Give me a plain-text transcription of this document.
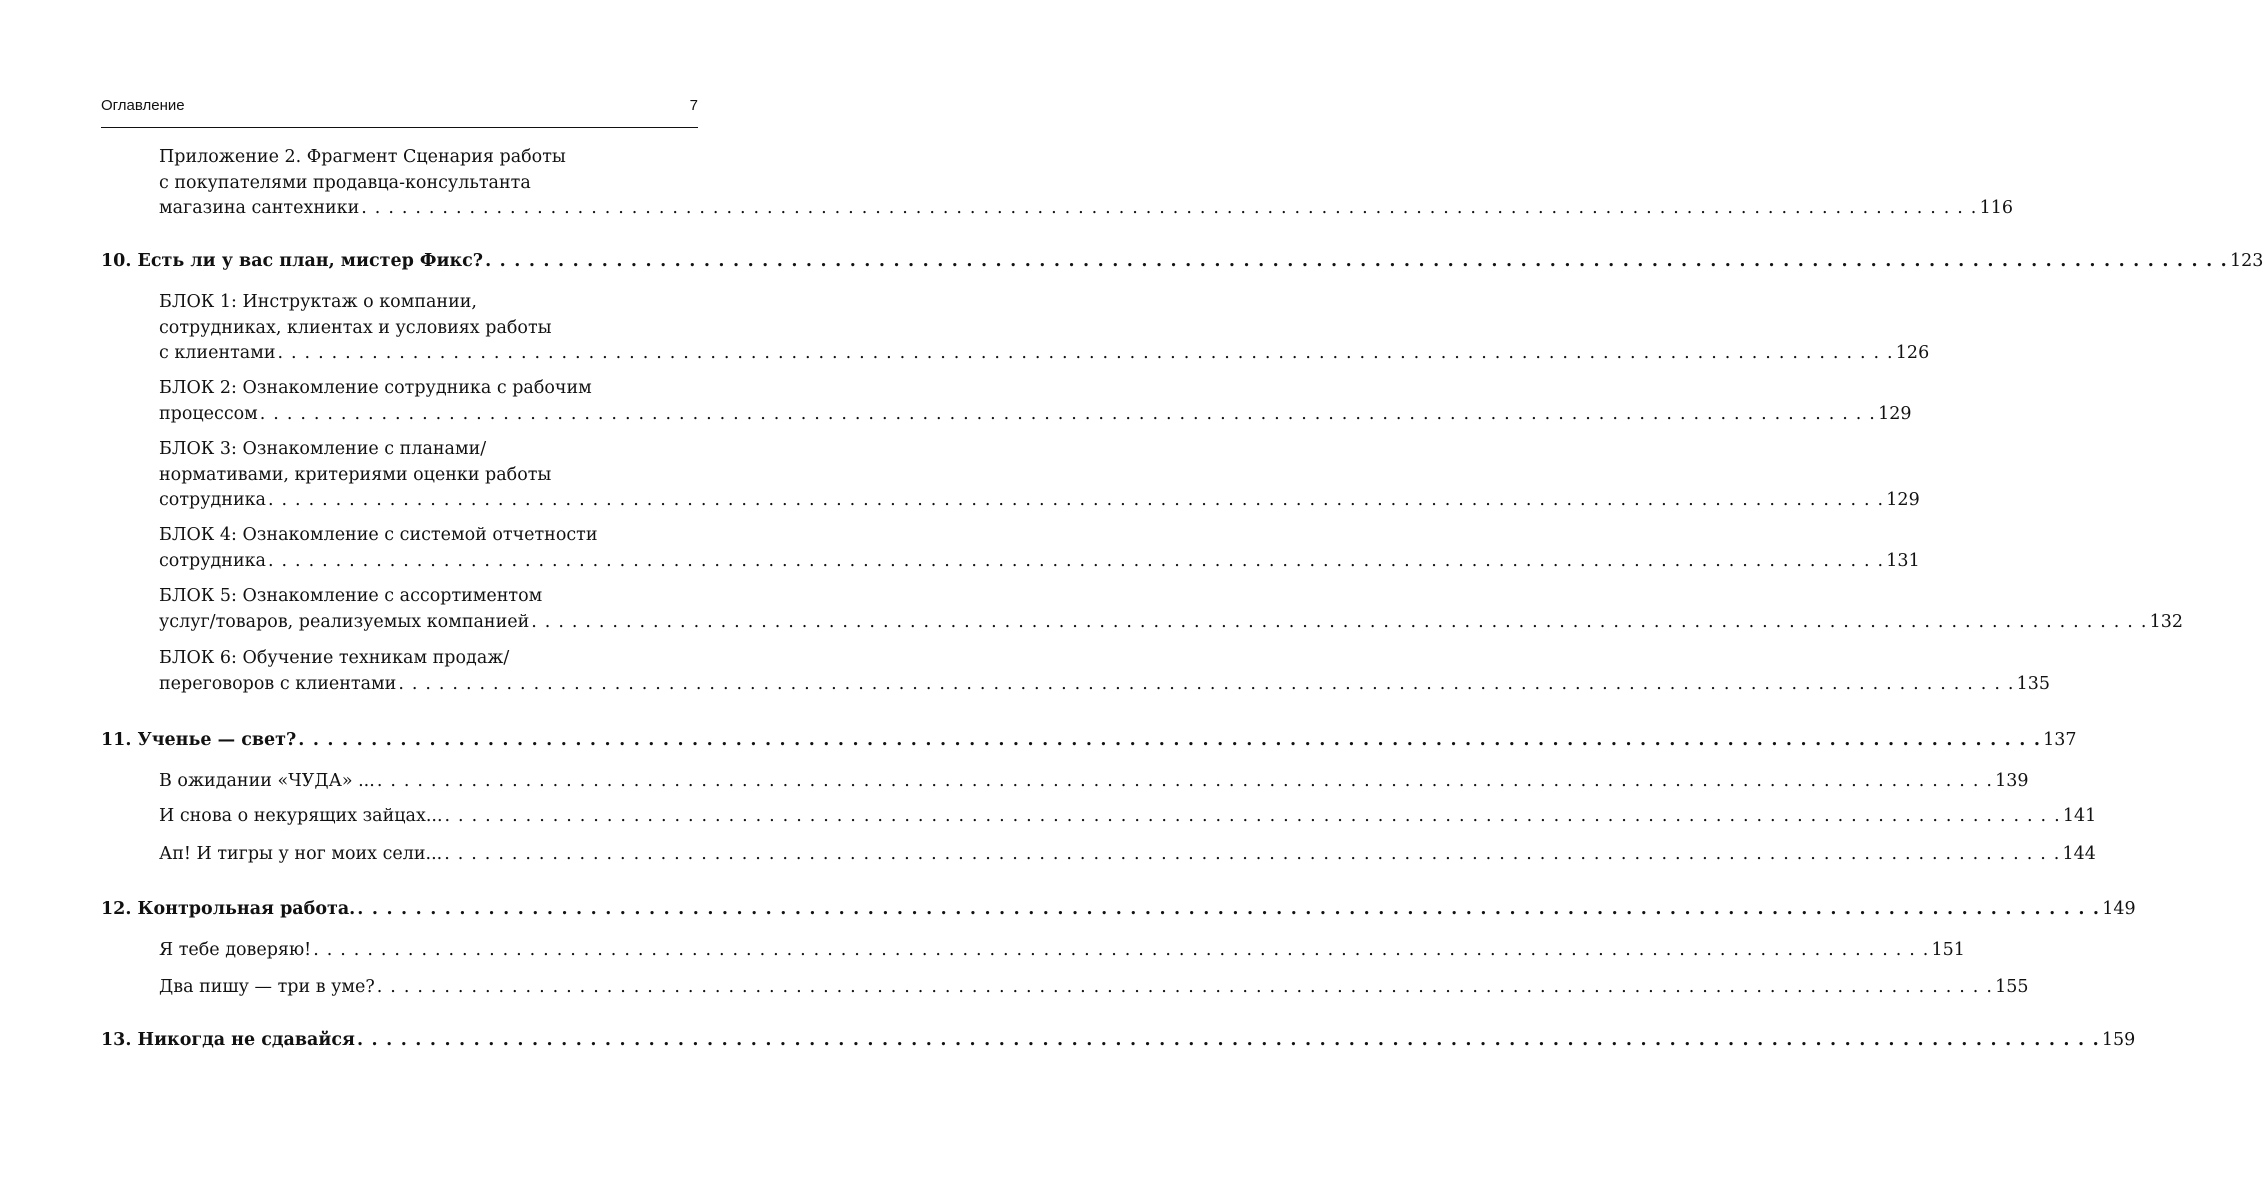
Оглавление	7
Приложение 2. Фрагмент Сценария работы
с покупателями продавца-консультанта
магазина сантехники . . . . . . . . . . . . . . . . . . . . . . . . . . . . . . . . . . . . . . . . . . . . . . . . . . . . . . . . . . . . . . . . . . . . . . . . . . . . . . . . . . . . . . . . . . . . . . . . . . . . . . . . . . . . . . . . . . . . . . . . 116
10. Есть ли у вас план, мистер Фикс? . . . . . . . . . . . . . . . . . . . . . . . . . . . . . . . . . . . . . . . . . . . . . . . . . . . . . . . . . . . . . . . . . . . . . . . . . . . . . . . . . . . . . . . . . . . . . . . . . . . . . . . . . . . . . . . . . . . . . . . . 123
БЛОК 1: Инструктаж о компании,
сотрудниках, клиентах и условиях работы
с клиентами . . . . . . . . . . . . . . . . . . . . . . . . . . . . . . . . . . . . . . . . . . . . . . . . . . . . . . . . . . . . . . . . . . . . . . . . . . . . . . . . . . . . . . . . . . . . . . . . . . . . . . . . . . . . . . . . . . . . . . . . 126
БЛОК 2: Ознакомление сотрудника с рабочим
процессом . . . . . . . . . . . . . . . . . . . . . . . . . . . . . . . . . . . . . . . . . . . . . . . . . . . . . . . . . . . . . . . . . . . . . . . . . . . . . . . . . . . . . . . . . . . . . . . . . . . . . . . . . . . . . . . . . . . . . . . . 129
БЛОК 3: Ознакомление с планами/
нормативами, критериями оценки работы
сотрудника . . . . . . . . . . . . . . . . . . . . . . . . . . . . . . . . . . . . . . . . . . . . . . . . . . . . . . . . . . . . . . . . . . . . . . . . . . . . . . . . . . . . . . . . . . . . . . . . . . . . . . . . . . . . . . . . . . . . . . . . 129
БЛОК 4: Ознакомление с системой отчетности
сотрудника . . . . . . . . . . . . . . . . . . . . . . . . . . . . . . . . . . . . . . . . . . . . . . . . . . . . . . . . . . . . . . . . . . . . . . . . . . . . . . . . . . . . . . . . . . . . . . . . . . . . . . . . . . . . . . . . . . . . . . . . 131
БЛОК 5: Ознакомление с ассортиментом
услуг/товаров, реализуемых компанией . . . . . . . . . . . . . . . . . . . . . . . . . . . . . . . . . . . . . . . . . . . . . . . . . . . . . . . . . . . . . . . . . . . . . . . . . . . . . . . . . . . . . . . . . . . . . . . . . . . . . . . . . . . . . . . . . . . . . . . . 132
БЛОК 6: Обучение техникам продаж/
переговоров с клиентами . . . . . . . . . . . . . . . . . . . . . . . . . . . . . . . . . . . . . . . . . . . . . . . . . . . . . . . . . . . . . . . . . . . . . . . . . . . . . . . . . . . . . . . . . . . . . . . . . . . . . . . . . . . . . . . . . . . . . . . . 135
11. Ученье — свет? . . . . . . . . . . . . . . . . . . . . . . . . . . . . . . . . . . . . . . . . . . . . . . . . . . . . . . . . . . . . . . . . . . . . . . . . . . . . . . . . . . . . . . . . . . . . . . . . . . . . . . . . . . . . . . . . . . . . . . . . 137
В ожидании «ЧУДА» ... . . . . . . . . . . . . . . . . . . . . . . . . . . . . . . . . . . . . . . . . . . . . . . . . . . . . . . . . . . . . . . . . . . . . . . . . . . . . . . . . . . . . . . . . . . . . . . . . . . . . . . . . . . . . . . . . . . . . . . . . 139
И снова о некурящих зайцах... . . . . . . . . . . . . . . . . . . . . . . . . . . . . . . . . . . . . . . . . . . . . . . . . . . . . . . . . . . . . . . . . . . . . . . . . . . . . . . . . . . . . . . . . . . . . . . . . . . . . . . . . . . . . . . . . . . . . . . . . 141
Ап! И тигры у ног моих сели... . . . . . . . . . . . . . . . . . . . . . . . . . . . . . . . . . . . . . . . . . . . . . . . . . . . . . . . . . . . . . . . . . . . . . . . . . . . . . . . . . . . . . . . . . . . . . . . . . . . . . . . . . . . . . . . . . . . . . . . . 144
12. Контрольная работа. . . . . . . . . . . . . . . . . . . . . . . . . . . . . . . . . . . . . . . . . . . . . . . . . . . . . . . . . . . . . . . . . . . . . . . . . . . . . . . . . . . . . . . . . . . . . . . . . . . . . . . . . . . . . . . . . . . . . . . . . 149
Я тебе доверяю! . . . . . . . . . . . . . . . . . . . . . . . . . . . . . . . . . . . . . . . . . . . . . . . . . . . . . . . . . . . . . . . . . . . . . . . . . . . . . . . . . . . . . . . . . . . . . . . . . . . . . . . . . . . . . . . . . . . . . . . . 151
Два пишу — три в уме? . . . . . . . . . . . . . . . . . . . . . . . . . . . . . . . . . . . . . . . . . . . . . . . . . . . . . . . . . . . . . . . . . . . . . . . . . . . . . . . . . . . . . . . . . . . . . . . . . . . . . . . . . . . . . . . . . . . . . . . . 155
13. Никогда не сдавайся . . . . . . . . . . . . . . . . . . . . . . . . . . . . . . . . . . . . . . . . . . . . . . . . . . . . . . . . . . . . . . . . . . . . . . . . . . . . . . . . . . . . . . . . . . . . . . . . . . . . . . . . . . . . . . . . . . . . . . . . 159
